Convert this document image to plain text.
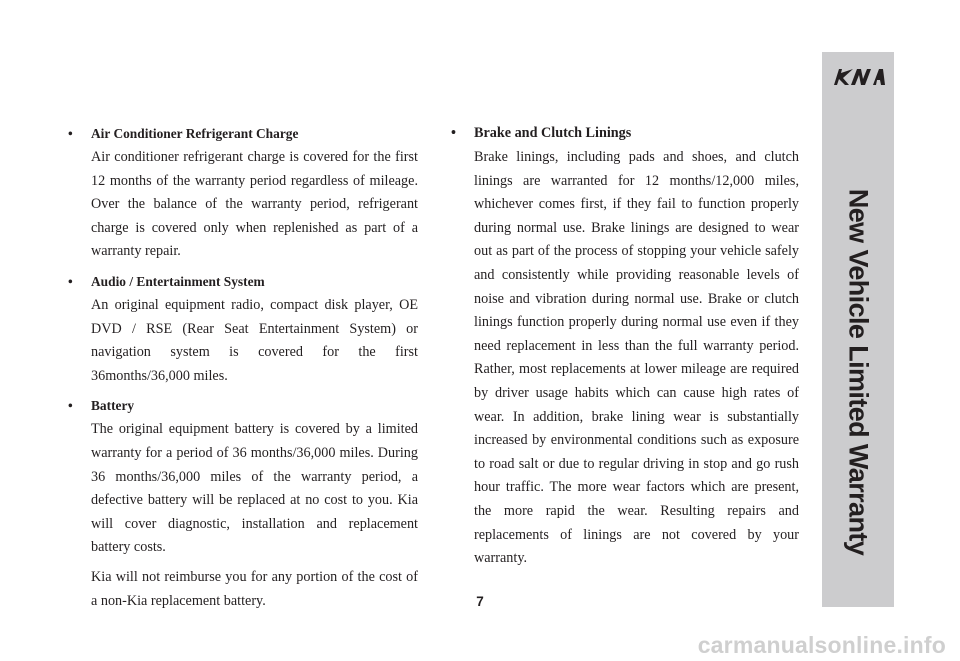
• Air Conditioner Refrigerant Charge

Air conditioner refrigerant charge is covered for the first 12 months of the warranty period regardless of mileage. Over the balance of the warranty period, refrigerant charge is covered only when replenished as part of a warranty repair.

• Audio / Entertainment System

An original equipment radio, compact disk player, OE DVD / RSE (Rear Seat Entertainment System) or navigation system is covered for the first 36months/36,000 miles.

• Battery

The original equipment battery is covered by a limited warranty for a period of 36 months/36,000 miles. During 36 months/36,000 miles of the warranty period, a defective battery will be replaced at no cost to you. Kia will cover diagnostic, installation and replacement battery costs.

Kia will not reimburse you for any portion of the cost of a non-Kia replacement battery.

• Brake and Clutch Linings

Brake linings, including pads and shoes, and clutch linings are warranted for 12 months/12,000 miles, whichever comes first, if they fail to function properly during normal use. Brake linings are designed to wear out as part of the process of stopping your vehicle safely and consistently while providing reasonable levels of noise and vibration during normal use. Brake or clutch linings function properly during normal use even if they need replacement in less than the full warranty period. Rather, most replacements at lower mileage are required by driver usage habits which can cause high rates of wear. In addition, brake lining wear is substantially increased by environmental conditions such as exposure to road salt or due to regular driving in stop and go rush hour traffic. The more wear factors which are present, the more rapid the wear. Resulting repairs and replacements of linings are not covered by your warranty.

New Vehicle Limited Warranty
7
carmanualsonline.info
